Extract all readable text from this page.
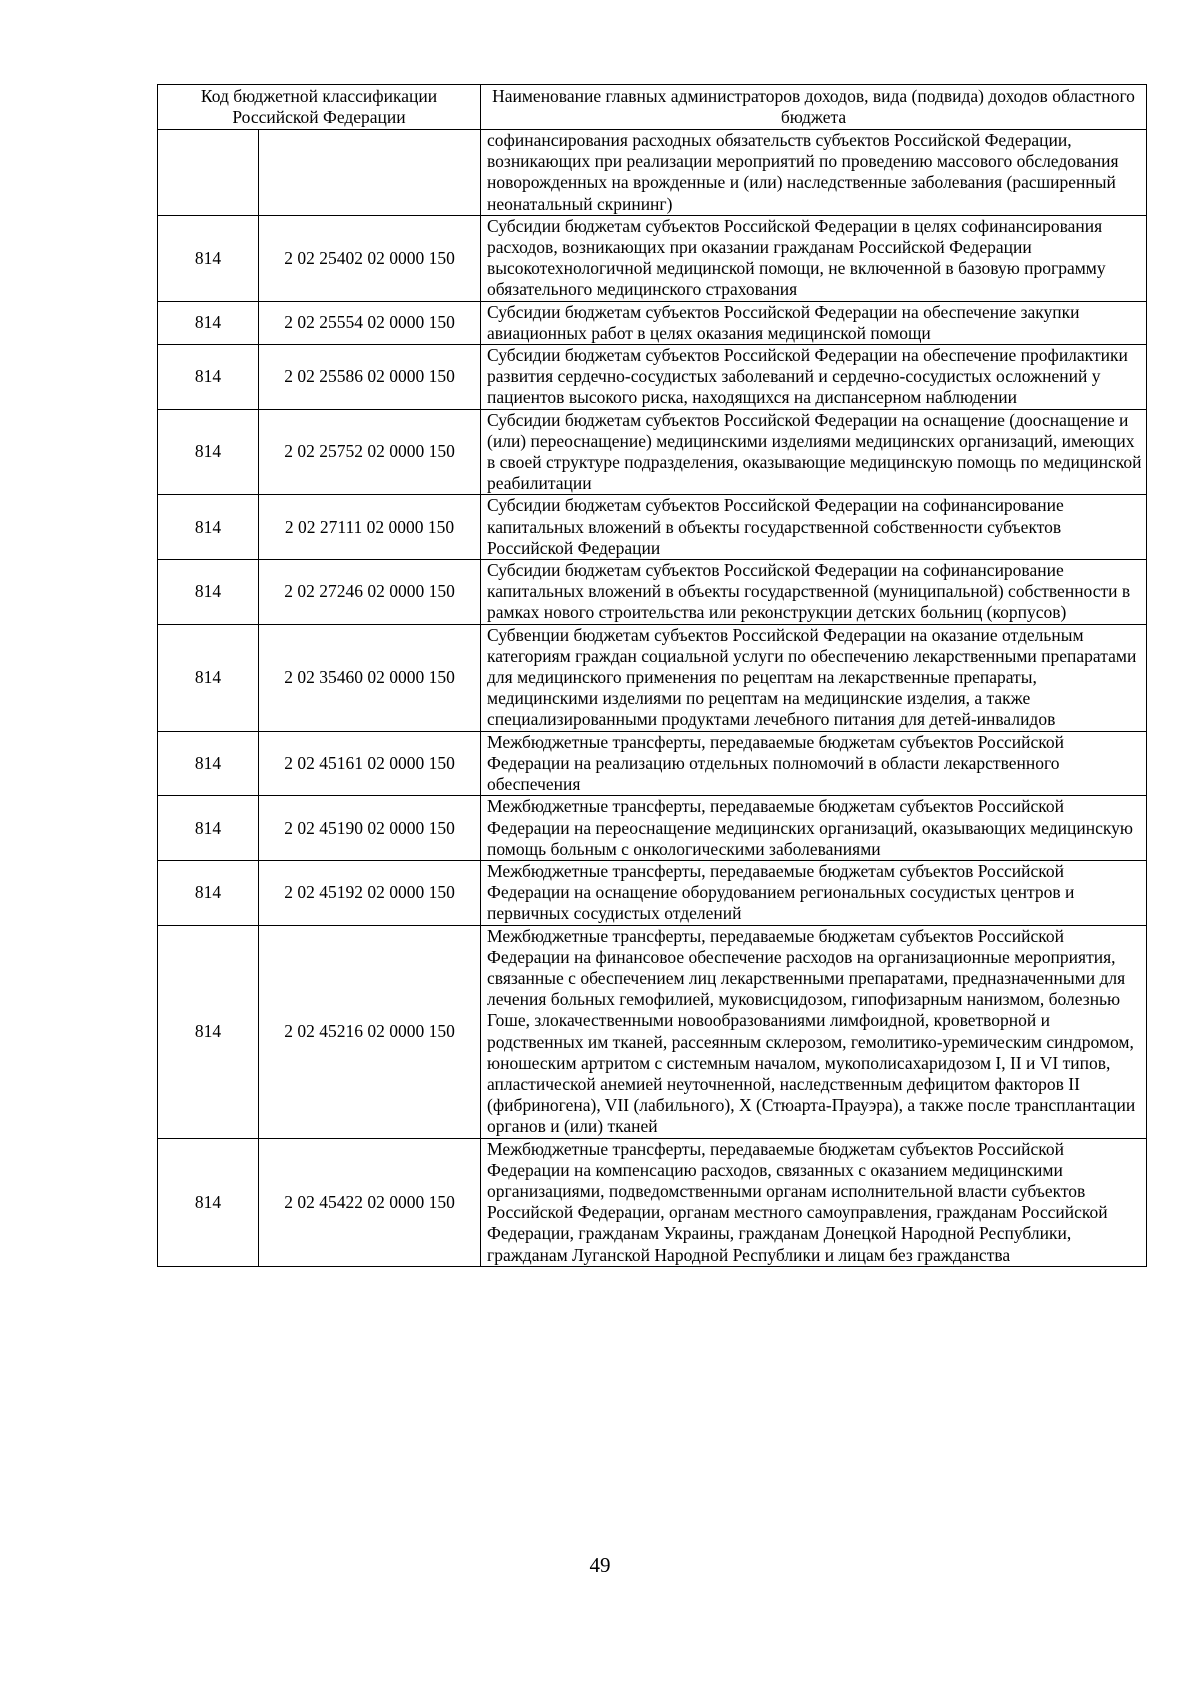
Код бюджетной классификации Российской Федерации		Наименование главных администраторов доходов, вида (подвида) доходов областного бюджета
		софинансирования расходных обязательств субъектов Российской Федерации, возникающих при реализации мероприятий по проведению массового обследования новорожденных на врожденные и (или) наследственные заболевания (расширенный неонатальный скрининг)
814	2 02 25402 02 0000 150	Субсидии бюджетам субъектов Российской Федерации в целях софинансирования расходов, возникающих при оказании гражданам Российской Федерации высокотехнологичной медицинской помощи, не включенной в базовую программу обязательного медицинского страхования
814	2 02 25554 02 0000 150	Субсидии бюджетам субъектов Российской Федерации на обеспечение закупки авиационных работ в целях оказания медицинской помощи
814	2 02 25586 02 0000 150	Субсидии бюджетам субъектов Российской Федерации на обеспечение профилактики развития сердечно-сосудистых заболеваний и сердечно-сосудистых осложнений у пациентов высокого риска, находящихся на диспансерном наблюдении
814	2 02 25752 02 0000 150	Субсидии бюджетам субъектов Российской Федерации на оснащение (дооснащение и (или) переоснащение) медицинскими изделиями медицинских организаций, имеющих в своей структуре подразделения, оказывающие медицинскую помощь по медицинской реабилитации
814	2 02 27111 02 0000 150	Субсидии бюджетам субъектов Российской Федерации на софинансирование капитальных вложений в объекты государственной собственности субъектов Российской Федерации
814	2 02 27246 02 0000 150	Субсидии бюджетам субъектов Российской Федерации на софинансирование капитальных вложений в объекты государственной (муниципальной) собственности в рамках нового строительства или реконструкции детских больниц (корпусов)
814	2 02 35460 02 0000 150	Субвенции бюджетам субъектов Российской Федерации на оказание отдельным категориям граждан социальной услуги по обеспечению лекарственными препаратами для медицинского применения по рецептам на лекарственные препараты, медицинскими изделиями по рецептам на медицинские изделия, а также специализированными продуктами лечебного питания для детей-инвалидов
814	2 02 45161 02 0000 150	Межбюджетные трансферты, передаваемые бюджетам субъектов Российской Федерации на реализацию отдельных полномочий в области лекарственного обеспечения
814	2 02 45190 02 0000 150	Межбюджетные трансферты, передаваемые бюджетам субъектов Российской Федерации на переоснащение медицинских организаций, оказывающих медицинскую помощь больным с онкологическими заболеваниями
814	2 02 45192 02 0000 150	Межбюджетные трансферты, передаваемые бюджетам субъектов Российской Федерации на оснащение оборудованием региональных сосудистых центров и первичных сосудистых отделений
814	2 02 45216 02 0000 150	Межбюджетные трансферты, передаваемые бюджетам субъектов Российской Федерации на финансовое обеспечение расходов на организационные мероприятия, связанные с обеспечением лиц лекарственными препаратами, предназначенными для лечения больных гемофилией, муковисцидозом, гипофизарным нанизмом, болезнью Гоше, злокачественными новообразованиями лимфоидной, кроветворной и родственных им тканей, рассеянным склерозом, гемолитико-уремическим синдромом, юношеским артритом с системным началом, мукополисахаридозом I, II и VI типов, апластической анемией неуточненной, наследственным дефицитом факторов II (фибриногена), VII (лабильного), X (Стюарта-Прауэра), а также после трансплантации органов и (или) тканей
814	2 02 45422 02 0000 150	Межбюджетные трансферты, передаваемые бюджетам субъектов Российской Федерации на компенсацию расходов, связанных с оказанием медицинскими организациями, подведомственными органам исполнительной власти субъектов Российской Федерации, органам местного самоуправления, гражданам Российской Федерации, гражданам Украины, гражданам Донецкой Народной Республики, гражданам Луганской Народной Республики и лицам без гражданства
49
